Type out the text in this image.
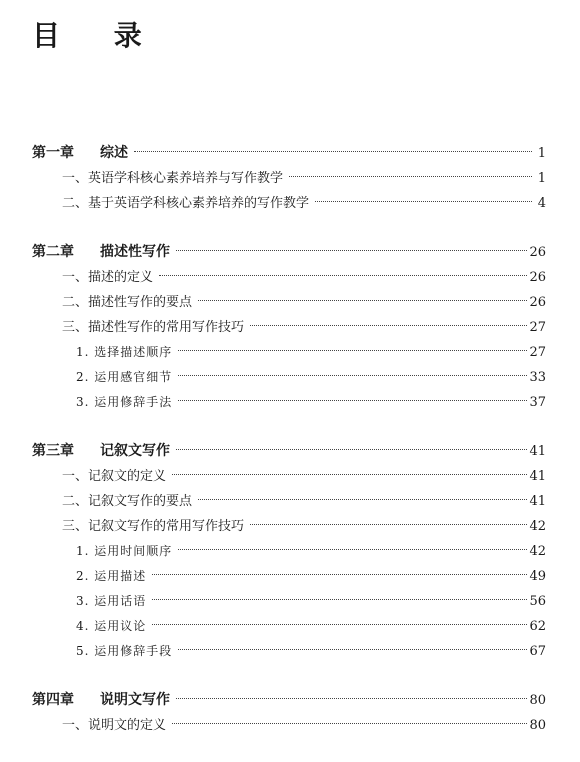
目 录
第一章 综述	1
一、英语学科核心素养培养与写作教学	1
二、基于英语学科核心素养培养的写作教学	4
第二章 描述性写作	26
一、描述的定义	26
二、描述性写作的要点	26
三、描述性写作的常用写作技巧	27
1. 选择描述顺序	27
2. 运用感官细节	33
3. 运用修辞手法	37
第三章 记叙文写作	41
一、记叙文的定义	41
二、记叙文写作的要点	41
三、记叙文写作的常用写作技巧	42
1. 运用时间顺序	42
2. 运用描述	49
3. 运用话语	56
4. 运用议论	62
5. 运用修辞手段	67
第四章 说明文写作	80
一、说明文的定义	80
